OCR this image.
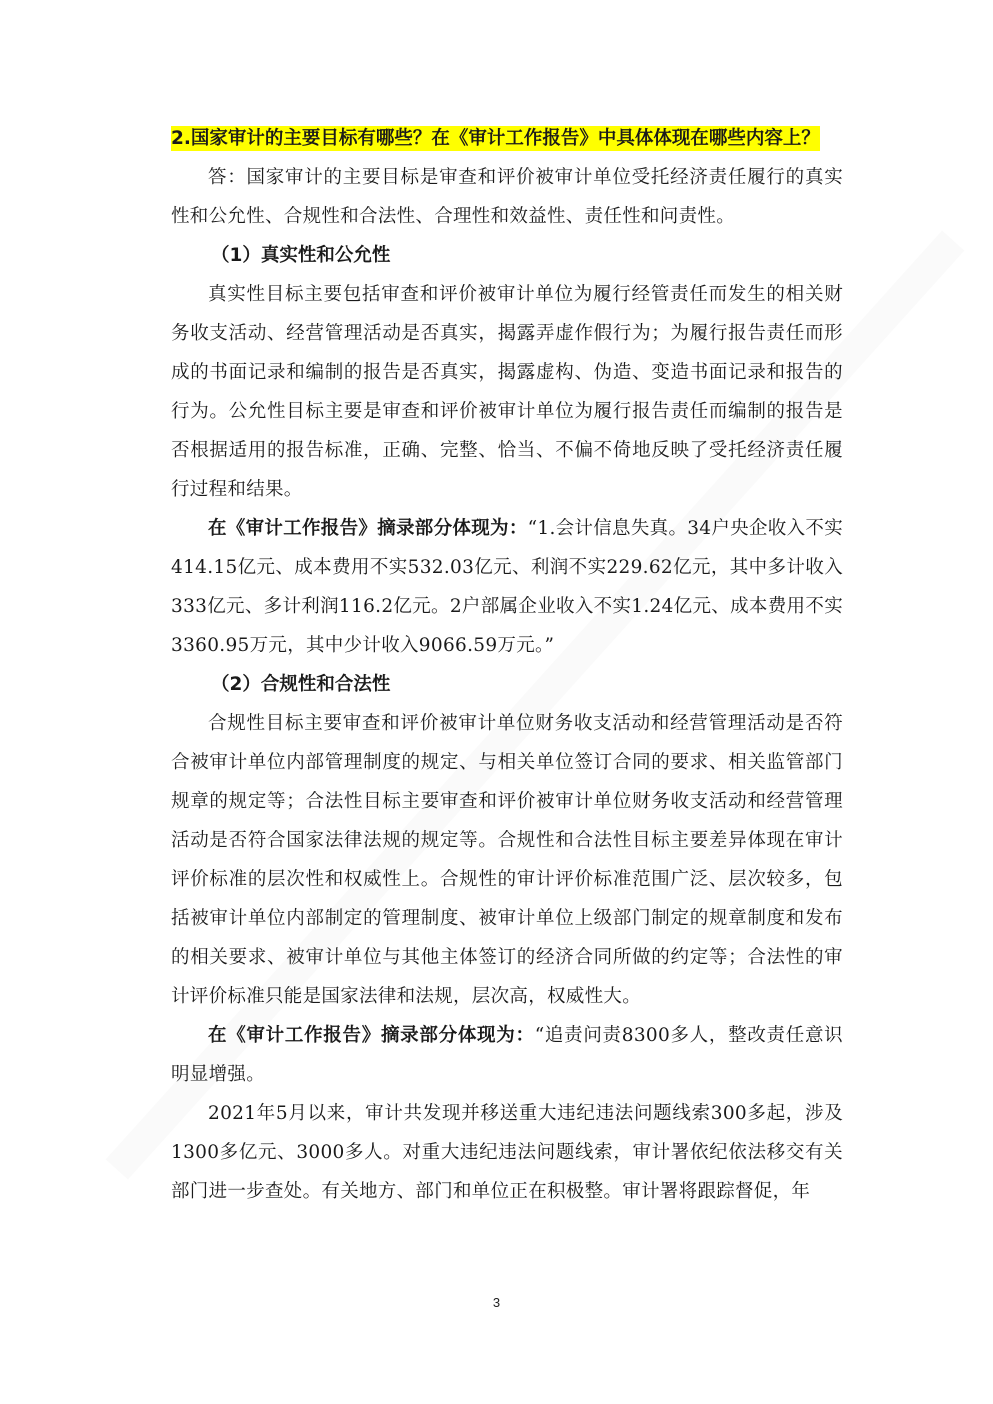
2.国家审计的主要目标有哪些？在《审计工作报告》中具体体现在哪些内容上？

答：国家审计的主要目标是审查和评价被审计单位受托经济责任履行的真实性和公允性、合规性和合法性、合理性和效益性、责任性和问责性。

（1）真实性和公允性

真实性目标主要包括审查和评价被审计单位为履行经管责任而发生的相关财务收支活动、经营管理活动是否真实，揭露弄虚作假行为；为履行报告责任而形成的书面记录和编制的报告是否真实，揭露虚构、伪造、变造书面记录和报告的行为。公允性目标主要是审查和评价被审计单位为履行报告责任而编制的报告是否根据适用的报告标准，正确、完整、恰当、不偏不倚地反映了受托经济责任履行过程和结果。

在《审计工作报告》摘录部分体现为：“1.会计信息失真。34户央企收入不实414.15亿元、成本费用不实532.03亿元、利润不实229.62亿元，其中多计收入333亿元、多计利润116.2亿元。2户部属企业收入不实1.24亿元、成本费用不实3360.95万元，其中少计收入9066.59万元。”

（2）合规性和合法性

合规性目标主要审查和评价被审计单位财务收支活动和经营管理活动是否符合被审计单位内部管理制度的规定、与相关单位签订合同的要求、相关监管部门规章的规定等；合法性目标主要审查和评价被审计单位财务收支活动和经营管理活动是否符合国家法律法规的规定等。合规性和合法性目标主要差异体现在审计评价标准的层次性和权威性上。合规性的审计评价标准范围广泛、层次较多，包括被审计单位内部制定的管理制度、被审计单位上级部门制定的规章制度和发布的相关要求、被审计单位与其他主体签订的经济合同所做的约定等；合法性的审计评价标准只能是国家法律和法规，层次高，权威性大。

在《审计工作报告》摘录部分体现为：“追责问责8300多人，整改责任意识明显增强。

2021年5月以来，审计共发现并移送重大违纪违法问题线索300多起，涉及1300多亿元、3000多人。对重大违纪违法问题线索，审计署依纪依法移交有关部门进一步查处。有关地方、部门和单位正在积极整。审计署将跟踪督促，年

3
